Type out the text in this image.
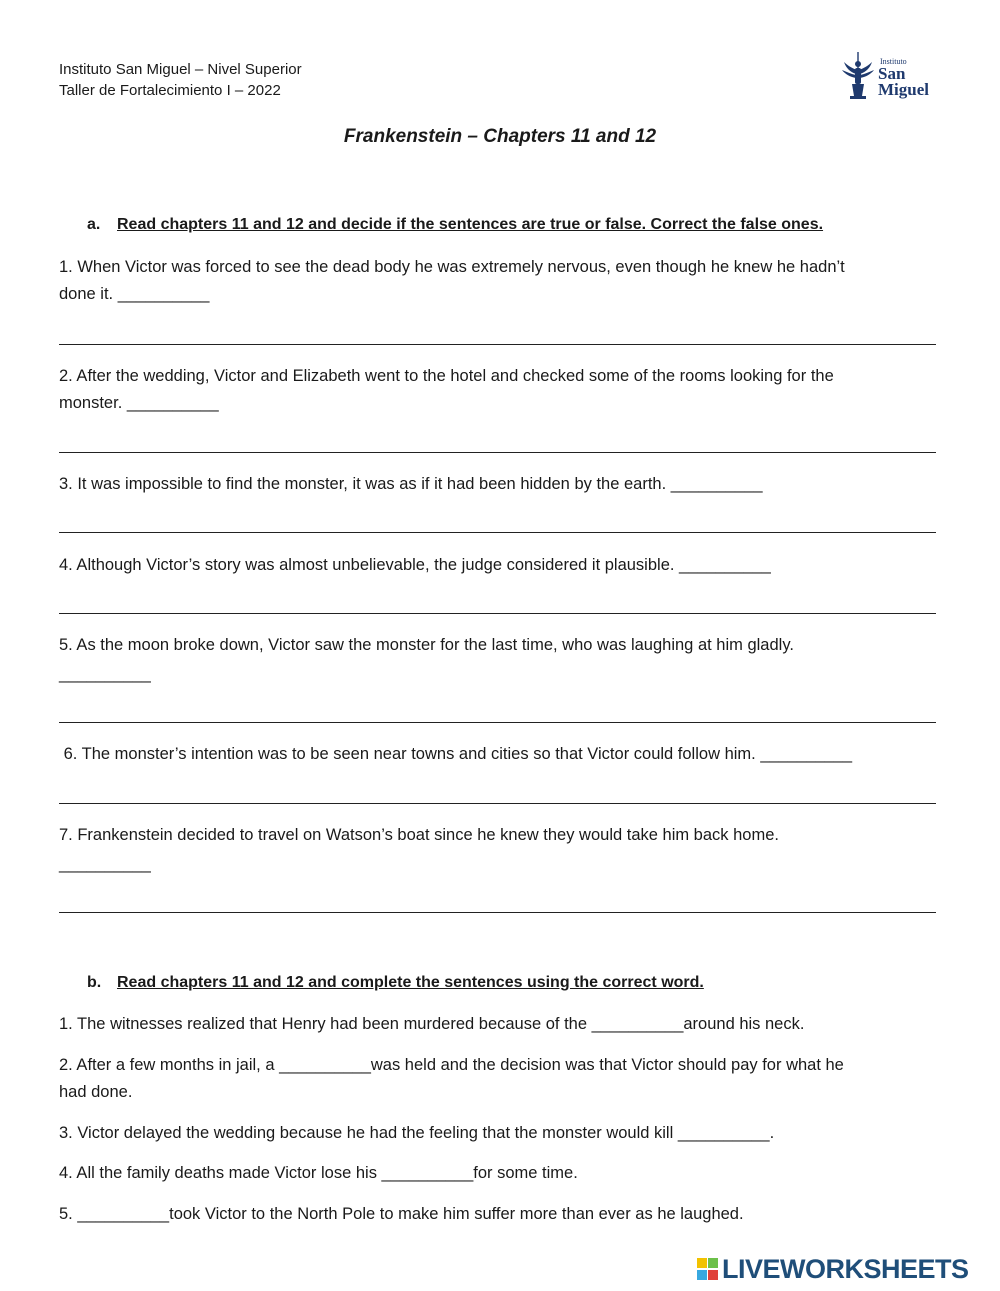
Instituto San Miguel – Nivel Superior
Taller de Fortalecimiento I – 2022
Instituto
San
Miguel
Frankenstein – Chapters 11 and 12
a. Read chapters 11 and 12 and decide if the sentences are true or false. Correct the false ones.
1. When Victor was forced to see the dead body he was extremely nervous, even though he knew he hadn’t
done it. __________
2. After the wedding, Victor and Elizabeth went to the hotel and checked some of the rooms looking for the
monster. __________
3. It was impossible to find the monster, it was as if it had been hidden by the earth. __________
4. Although Victor’s story was almost unbelievable, the judge considered it plausible. __________
5. As the moon broke down, Victor saw the monster for the last time, who was laughing at him gladly.
__________
6. The monster’s intention was to be seen near towns and cities so that Victor could follow him. __________
7. Frankenstein decided to travel on Watson’s boat since he knew they would take him back home.
__________
b. Read chapters 11 and 12 and complete the sentences using the correct word.
1. The witnesses realized that Henry had been murdered because of the __________around his neck.
2. After a few months in jail, a __________was held and the decision was that Victor should pay for what he
had done.
3. Victor delayed the wedding because he had the feeling that the monster would kill __________.
4. All the family deaths made Victor lose his __________for some time.
5. __________took Victor to the North Pole to make him suffer more than ever as he laughed.
LIVEWORKSHEETS
